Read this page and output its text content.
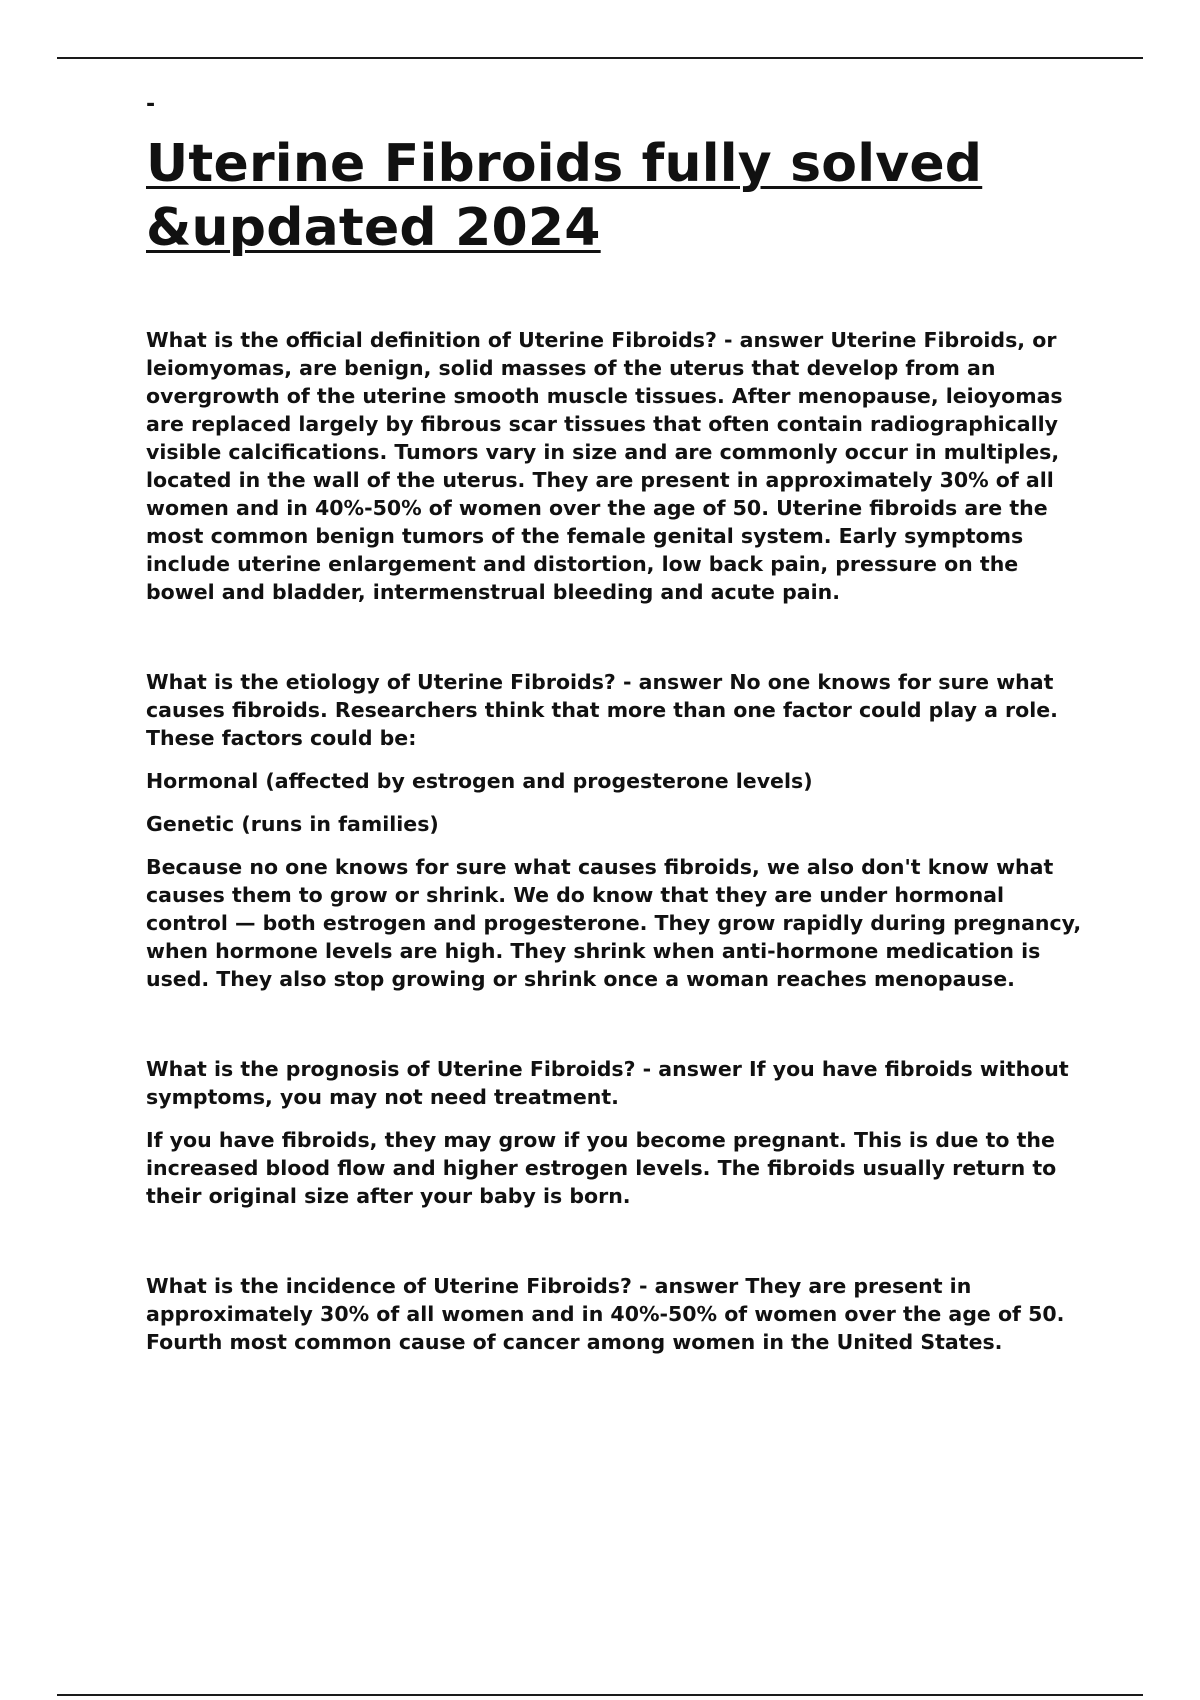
-
Uterine Fibroids fully solved &updated 2024

What is the official definition of Uterine Fibroids? - answer Uterine Fibroids, or leiomyomas, are benign, solid masses of the uterus that develop from an overgrowth of the uterine smooth muscle tissues. After menopause, leioyomas are replaced largely by fibrous scar tissues that often contain radiographically visible calcifications. Tumors vary in size and are commonly occur in multiples, located in the wall of the uterus. They are present in approximately 30% of all women and in 40%-50% of women over the age of 50. Uterine fibroids are the most common benign tumors of the female genital system. Early symptoms include uterine enlargement and distortion, low back pain, pressure on the bowel and bladder, intermenstrual bleeding and acute pain.

What is the etiology of Uterine Fibroids? - answer No one knows for sure what causes fibroids. Researchers think that more than one factor could play a role. These factors could be:

Hormonal (affected by estrogen and progesterone levels)

Genetic (runs in families)

Because no one knows for sure what causes fibroids, we also don't know what causes them to grow or shrink. We do know that they are under hormonal control — both estrogen and progesterone. They grow rapidly during pregnancy, when hormone levels are high. They shrink when anti-hormone medication is used. They also stop growing or shrink once a woman reaches menopause.

What is the prognosis of Uterine Fibroids? - answer If you have fibroids without symptoms, you may not need treatment.

If you have fibroids, they may grow if you become pregnant. This is due to the increased blood flow and higher estrogen levels. The fibroids usually return to their original size after your baby is born.

What is the incidence of Uterine Fibroids? - answer They are present in approximately 30% of all women and in 40%-50% of women over the age of 50. Fourth most common cause of cancer among women in the United States.
